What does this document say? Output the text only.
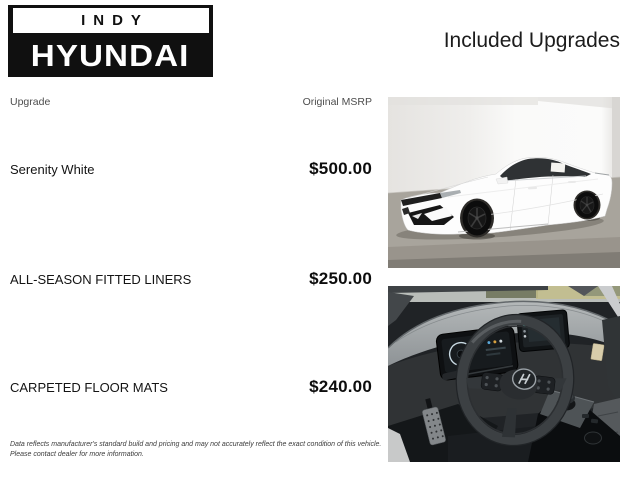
INDY
HYUNDAI	Included Upgrades
Upgrade	Original MSRP
Serenity White	$500.00
ALL-SEASON FITTED LINERS	$250.00
CARPETED FLOOR MATS	$240.00
Data reflects manufacturer's standard build and pricing and may not accurately reflect the exact condition of this vehicle.
Please contact dealer for more information.
